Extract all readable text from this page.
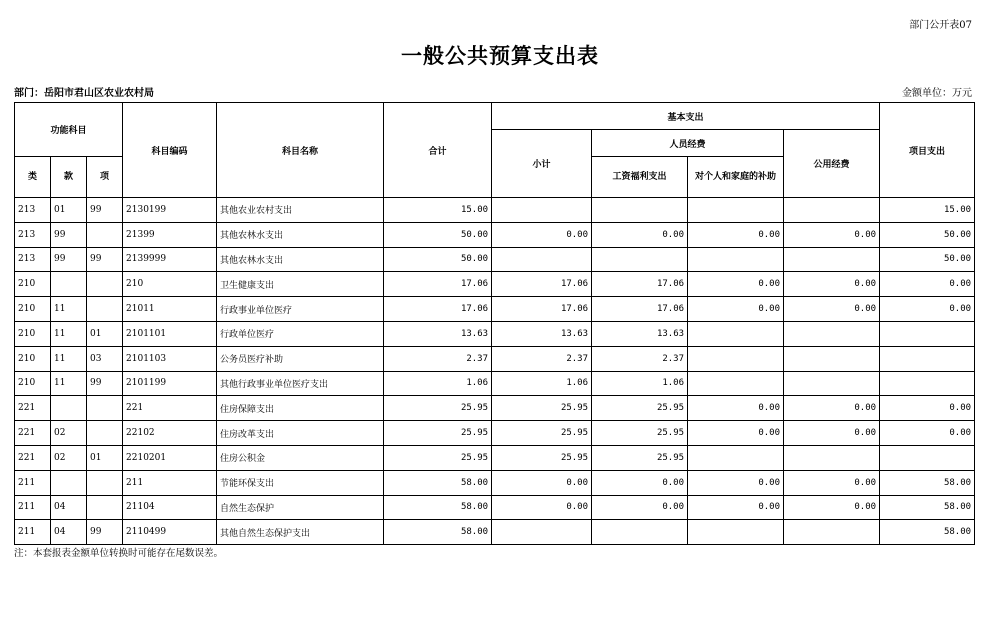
部门公开表07
一般公共预算支出表
部门：岳阳市君山区农业农村局	金额单位：万元
功能科目			科目编码	科目名称	合计	基本支出				项目支出
						小计	人员经费		公用经费	
类	款	项					工资福利支出	对个人和家庭的补助		
213	01	99	2130199	其他农业农村支出	15.00					15.00
213	99		21399	其他农林水支出	50.00	0.00	0.00	0.00	0.00	50.00
213	99	99	2139999	其他农林水支出	50.00					50.00
210			210	卫生健康支出	17.06	17.06	17.06	0.00	0.00	0.00
210	11		21011	行政事业单位医疗	17.06	17.06	17.06	0.00	0.00	0.00
210	11	01	2101101	行政单位医疗	13.63	13.63	13.63			
210	11	03	2101103	公务员医疗补助	2.37	2.37	2.37			
210	11	99	2101199	其他行政事业单位医疗支出	1.06	1.06	1.06			
221			221	住房保障支出	25.95	25.95	25.95	0.00	0.00	0.00
221	02		22102	住房改革支出	25.95	25.95	25.95	0.00	0.00	0.00
221	02	01	2210201	住房公积金	25.95	25.95	25.95			
211			211	节能环保支出	58.00	0.00	0.00	0.00	0.00	58.00
211	04		21104	自然生态保护	58.00	0.00	0.00	0.00	0.00	58.00
211	04	99	2110499	其他自然生态保护支出	58.00					58.00
注：本套报表金额单位转换时可能存在尾数误差。
